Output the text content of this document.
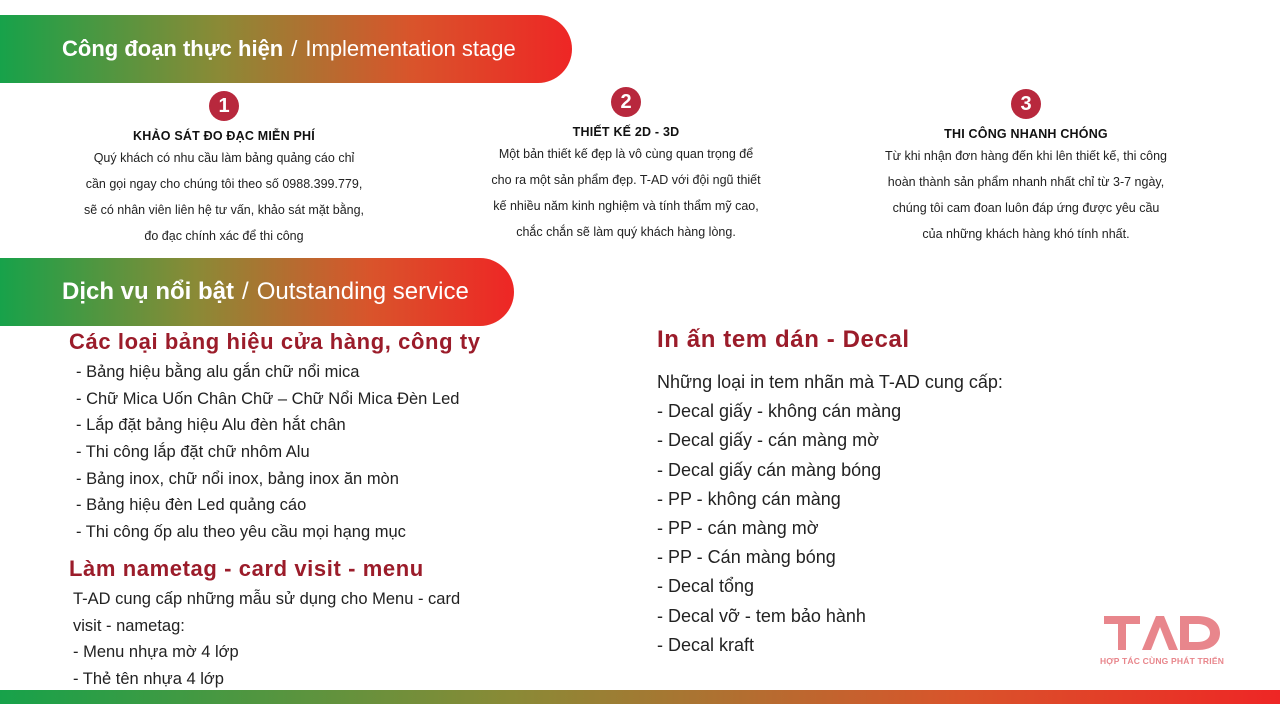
Công đoạn thực hiện / Implementation stage
1
KHẢO SÁT ĐO ĐẠC MIỄN PHÍ
Quý khách có nhu cầu làm bảng quảng cáo chỉ
cần gọi ngay cho chúng tôi theo số 0988.399.779,
sẽ có nhân viên liên hệ tư vấn, khảo sát mặt bằng,
đo đạc chính xác để thi công
2
THIẾT KẾ 2D - 3D
Một bản thiết kế đẹp là vô cùng quan trọng để
cho ra một sản phẩm đẹp. T-AD với đội ngũ thiết
kế nhiều năm kinh nghiệm và tính thẩm mỹ cao,
chắc chắn sẽ làm quý khách hàng lòng.
3
THI CÔNG NHANH CHÓNG
Từ khi nhận đơn hàng đến khi lên thiết kế, thi công
hoàn thành sản phẩm nhanh nhất chỉ từ 3-7 ngày,
chúng tôi cam đoan luôn đáp ứng được yêu cầu
của những khách hàng khó tính nhất.
Dịch vụ nổi bật / Outstanding service
Các loại bảng hiệu cửa hàng, công ty
- Bảng hiệu bằng alu gắn chữ nổi mica
- Chữ Mica Uốn Chân Chữ – Chữ Nổi Mica Đèn Led
- Lắp đặt bảng hiệu Alu đèn hắt chân
- Thi công lắp đặt chữ nhôm Alu
- Bảng inox, chữ nổi inox, bảng inox ăn mòn
- Bảng hiệu đèn Led quảng cáo
- Thi công ốp alu theo yêu cầu mọi hạng mục
Làm nametag - card visit - menu
T-AD cung cấp những mẫu sử dụng cho Menu - card
visit - nametag:
- Menu nhựa mờ 4 lớp
- Thẻ tên nhựa 4 lớp
In ấn tem dán - Decal
Những loại in tem nhãn mà T-AD cung cấp:
- Decal giấy - không cán màng
- Decal giấy - cán màng mờ
- Decal giấy cán màng bóng
- PP - không cán màng
- PP - cán màng mờ
- PP - Cán màng bóng
- Decal tổng
- Decal vỡ - tem bảo hành
- Decal kraft
HỢP TÁC CÙNG PHÁT TRIỂN
